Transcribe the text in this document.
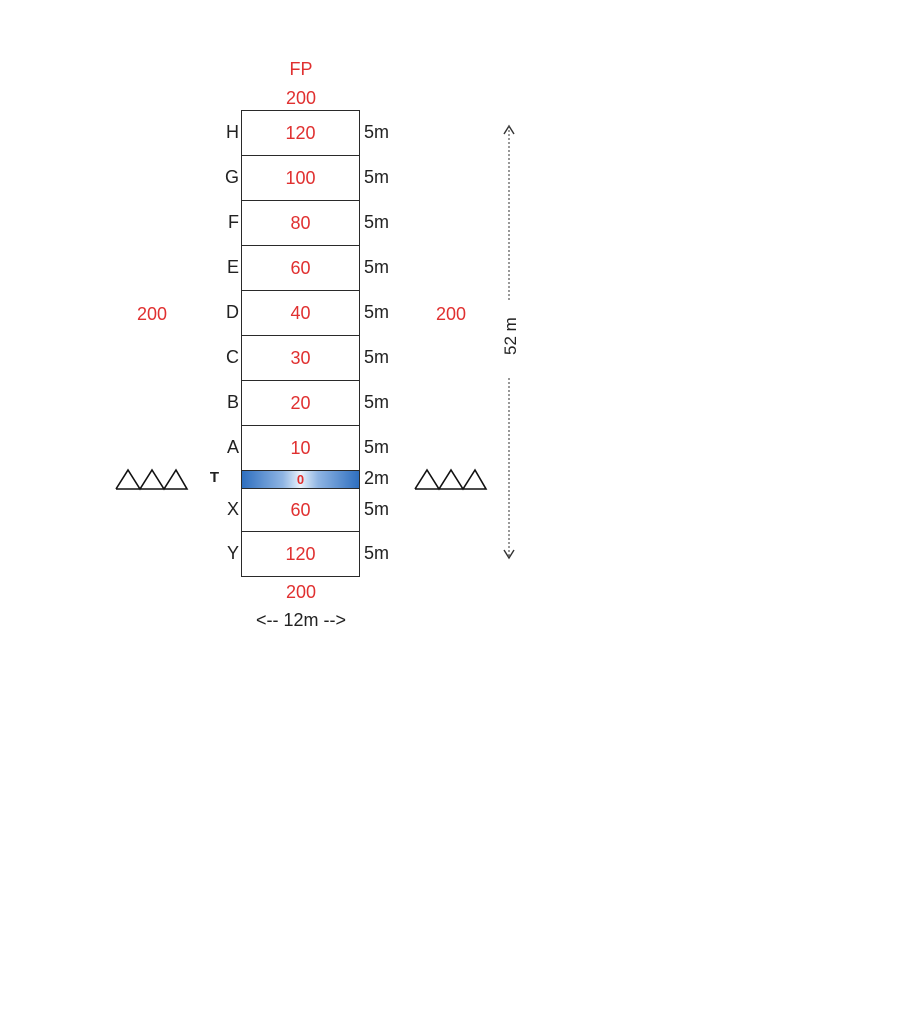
FP
200
200	200
120
100
80
60
40
30
20
10
0
60
120
H
G
F
E
D
C
B
A
T
X
Y
5m
5m
5m
5m
5m
5m
5m
5m
2m
5m
5m
200
<-- 12m -->
52 m
